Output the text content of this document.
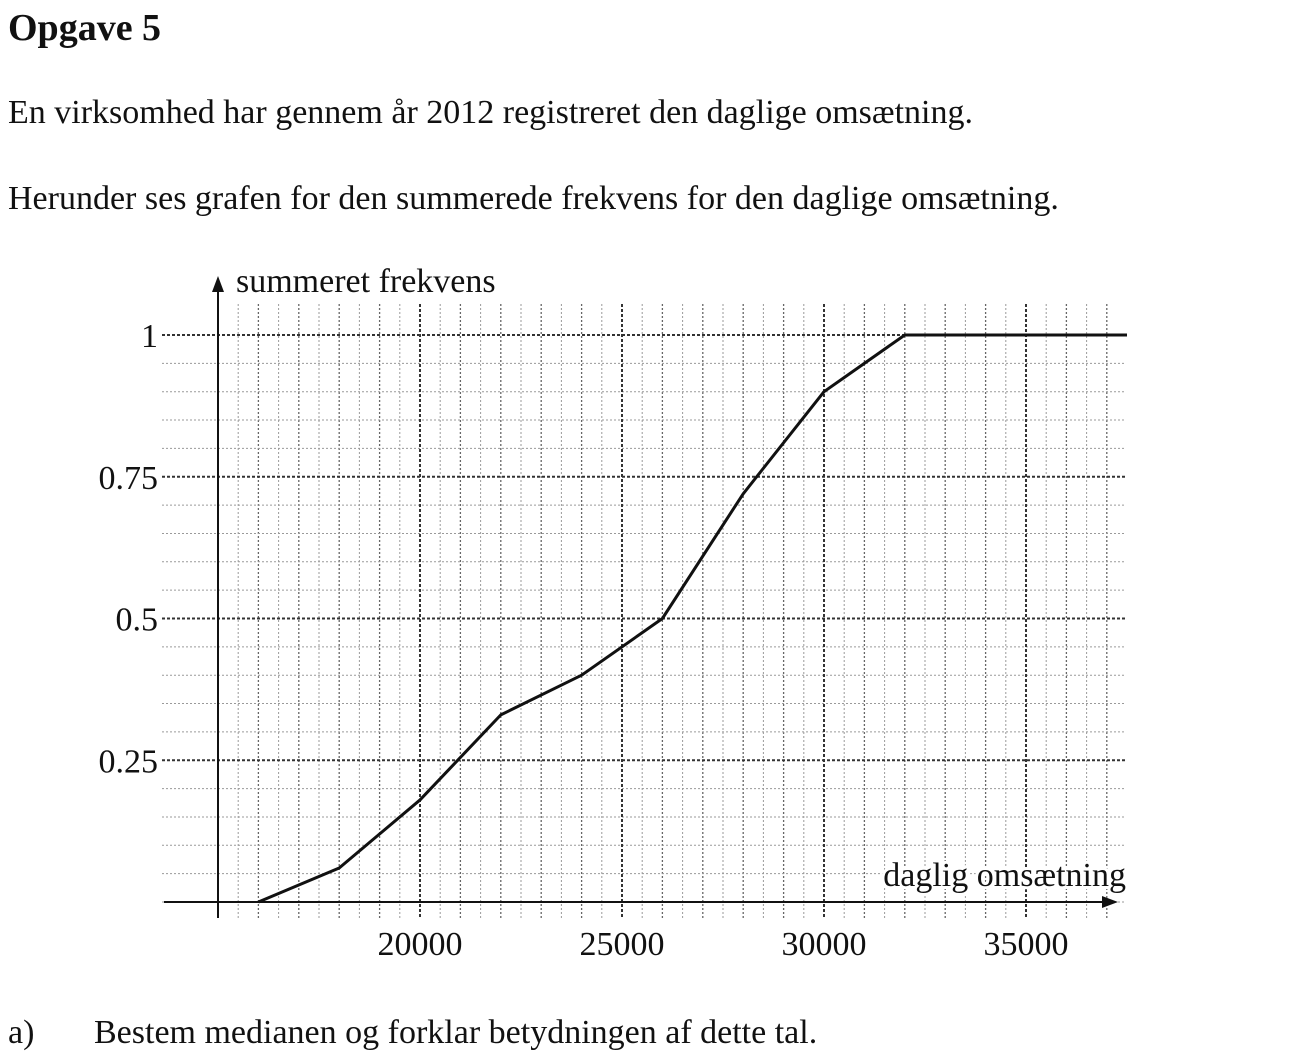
Opgave 5

En virksomhed har gennem år 2012 registreret den daglige omsætning.

Herunder ses grafen for den summerede frekvens for den daglige omsætning.

20000	25000	30000	35000
0.25
0.5
0.75
1
summeret frekvens
daglig omsætning
a) Bestem medianen og forklar betydningen af dette tal.
